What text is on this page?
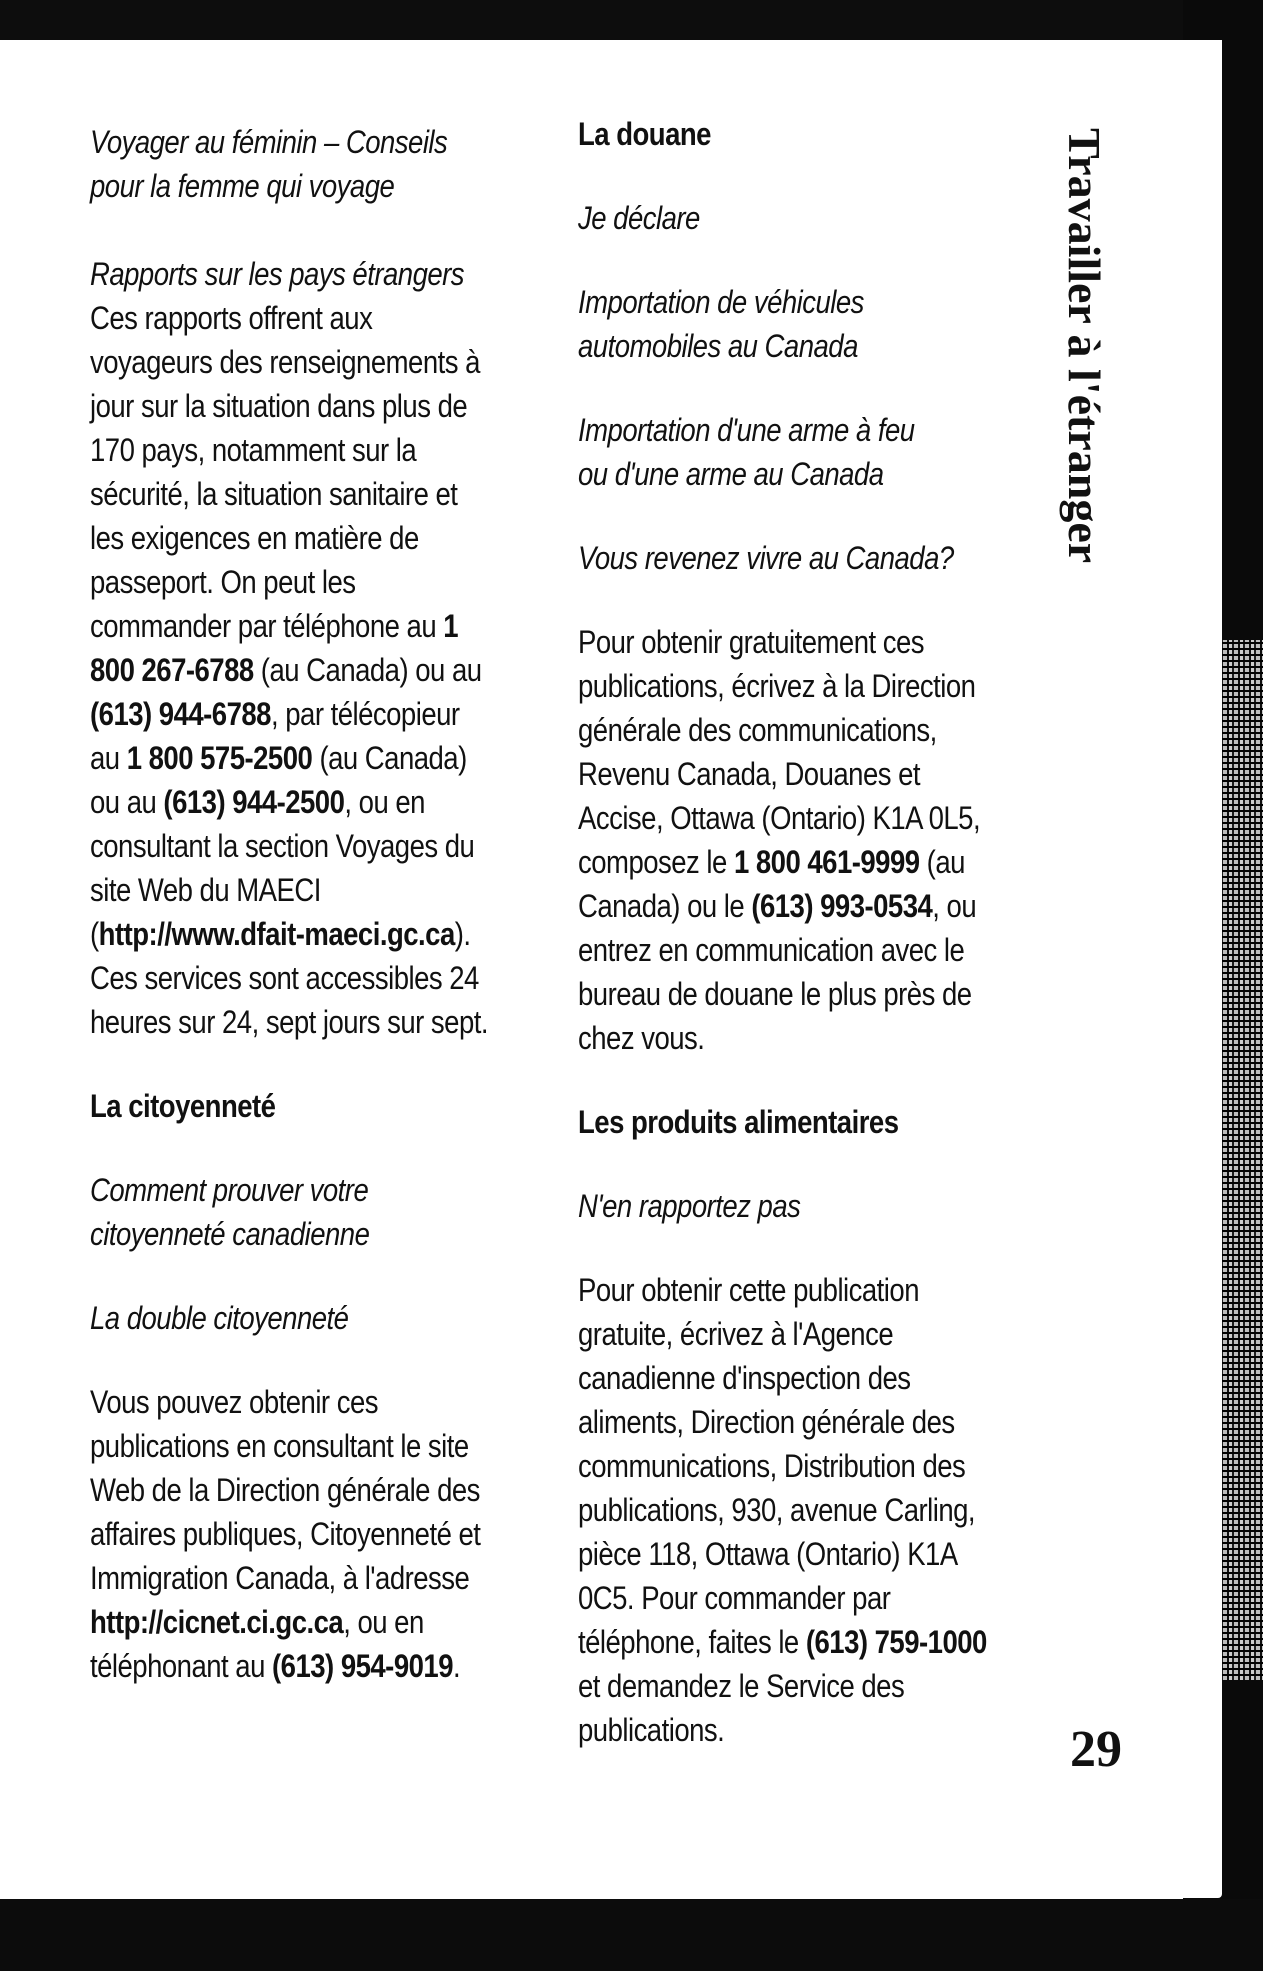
Voyager au féminin – Conseils
pour la femme qui voyage

Rapports sur les pays étrangers

Ces rapports offrent aux voyageurs des renseignements à jour sur la situation dans plus de 170 pays, notamment sur la sécurité, la situation sanitaire et les exigences en matière de passeport. On peut les commander par téléphone au 1 800 267-6788 (au Canada) ou au (613) 944-6788, par télécopieur au 1 800 575-2500 (au Canada) ou au (613) 944-2500, ou en consultant la section Voyages du site Web du MAECI (http://www.dfait-maeci.gc.ca). Ces services sont accessibles 24 heures sur 24, sept jours sur sept.

La citoyenneté

Comment prouver votre
citoyenneté canadienne

La double citoyenneté

Vous pouvez obtenir ces publications en consultant le site Web de la Direction générale des affaires publiques, Citoyenneté et Immigration Canada, à l'adresse http://cicnet.ci.gc.ca, ou en téléphonant au (613) 954-9019.

La douane

Je déclare

Importation de véhicules
automobiles au Canada

Importation d'une arme à feu
ou d'une arme au Canada

Vous revenez vivre au Canada?

Pour obtenir gratuitement ces publications, écrivez à la Direction générale des communications, Revenu Canada, Douanes et Accise, Ottawa (Ontario) K1A 0L5, composez le 1 800 461-9999 (au Canada) ou le (613) 993-0534, ou entrez en communication avec le bureau de douane le plus près de chez vous.

Les produits alimentaires

N'en rapportez pas

Pour obtenir cette publication gratuite, écrivez à l'Agence canadienne d'inspection des aliments, Direction générale des communications, Distribution des publications, 930, avenue Carling, pièce 118, Ottawa (Ontario) K1A 0C5. Pour commander par téléphone, faites le (613) 759-1000 et demandez le Service des publications.

Travailler à l'étranger
29
